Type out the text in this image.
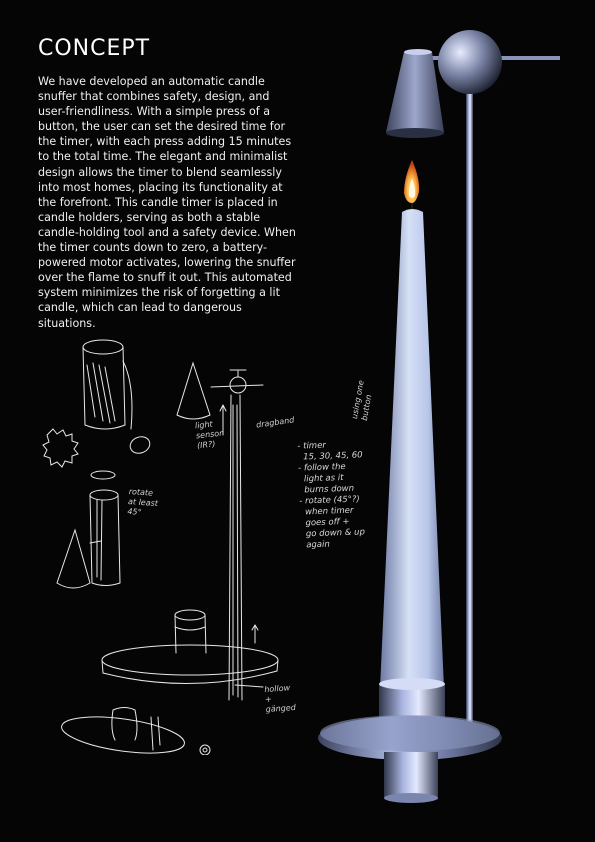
CONCEPT

We have developed an automatic candle snuffer that combines safety, design, and user-friendliness. With a simple press of a button, the user can set the desired time for the timer, with each press adding 15 minutes to the total time. The elegant and minimalist design allows the timer to blend seamlessly into most homes, placing its functionality at the forefront. This candle timer is placed in candle holders, serving as both a stable candle-holding tool and a safety device. When the timer counts down to zero, a battery-powered motor activates, lowering the snuffer over the flame to snuff it out. This automated system minimizes the risk of forgetting a lit candle, which can lead to dangerous situations.

rotate
at least
45°
light
sensor
(IR?)
dragband
hollow
+
gänged
using one
button
- timer
15, 30, 45, 60
- follow the
light as it
burns down
- rotate (45°?)
when timer
goes off +
go down & up
again
